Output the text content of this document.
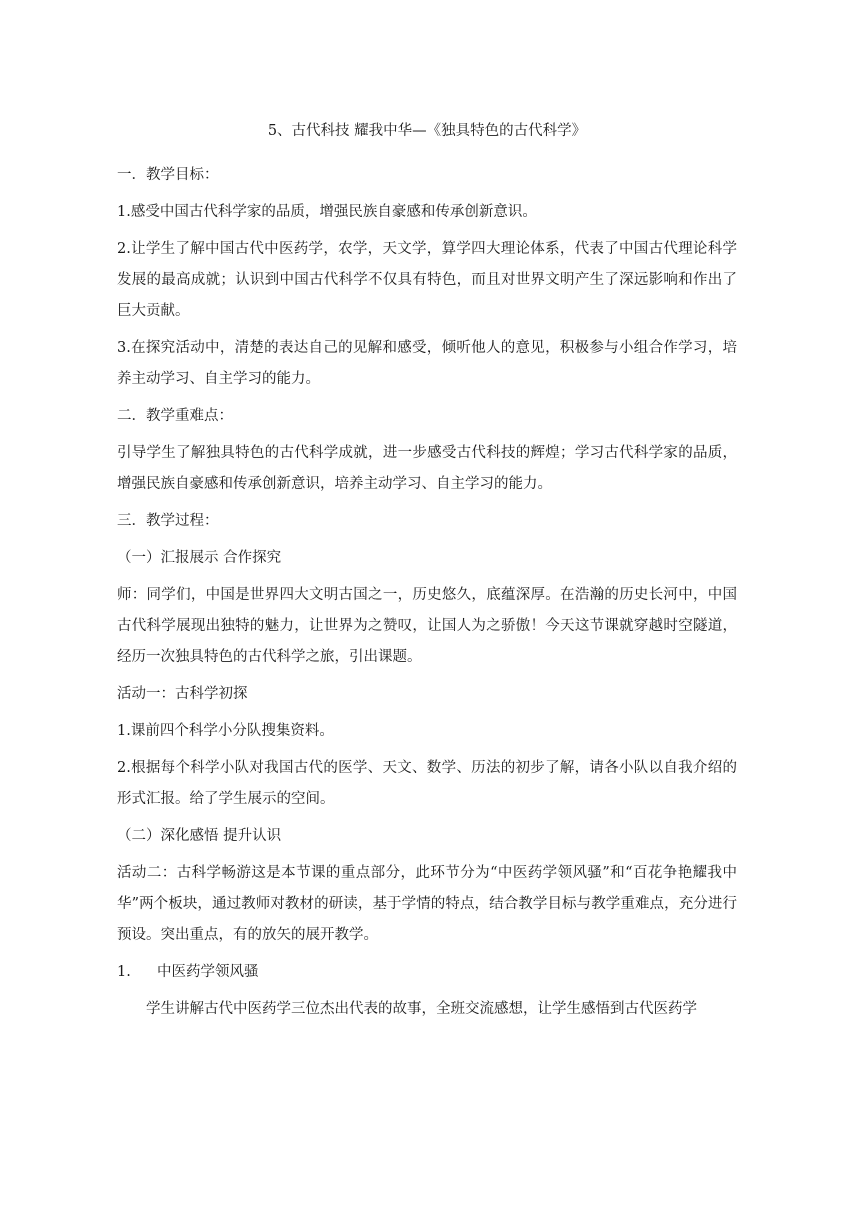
5、古代科技 耀我中华—《独具特色的古代科学》

一．教学目标：

1.感受中国古代科学家的品质，增强民族自豪感和传承创新意识。

2.让学生了解中国古代中医药学，农学，天文学，算学四大理论体系，代表了中国古代理论科学发展的最高成就；认识到中国古代科学不仅具有特色，而且对世界文明产生了深远影响和作出了巨大贡献。

3.在探究活动中，清楚的表达自己的见解和感受，倾听他人的意见，积极参与小组合作学习，培养主动学习、自主学习的能力。

二．教学重难点：

引导学生了解独具特色的古代科学成就，进一步感受古代科技的辉煌；学习古代科学家的品质，增强民族自豪感和传承创新意识，培养主动学习、自主学习的能力。

三．教学过程：

（一）汇报展示 合作探究

师：同学们，中国是世界四大文明古国之一，历史悠久，底蕴深厚。在浩瀚的历史长河中，中国古代科学展现出独特的魅力，让世界为之赞叹，让国人为之骄傲！今天这节课就穿越时空隧道，经历一次独具特色的古代科学之旅，引出课题。

活动一：古科学初探

1.课前四个科学小分队搜集资料。

2.根据每个科学小队对我国古代的医学、天文、数学、历法的初步了解，请各小队以自我介绍的形式汇报。给了学生展示的空间。

（二）深化感悟 提升认识

活动二：古科学畅游这是本节课的重点部分，此环节分为“中医药学领风骚”和“百花争艳耀我中华”两个板块，通过教师对教材的研读，基于学情的特点，结合教学目标与教学重难点，充分进行预设。突出重点，有的放矢的展开教学。

1.	中医药学领风骚

学生讲解古代中医药学三位杰出代表的故事，全班交流感想，让学生感悟到古代医药学
